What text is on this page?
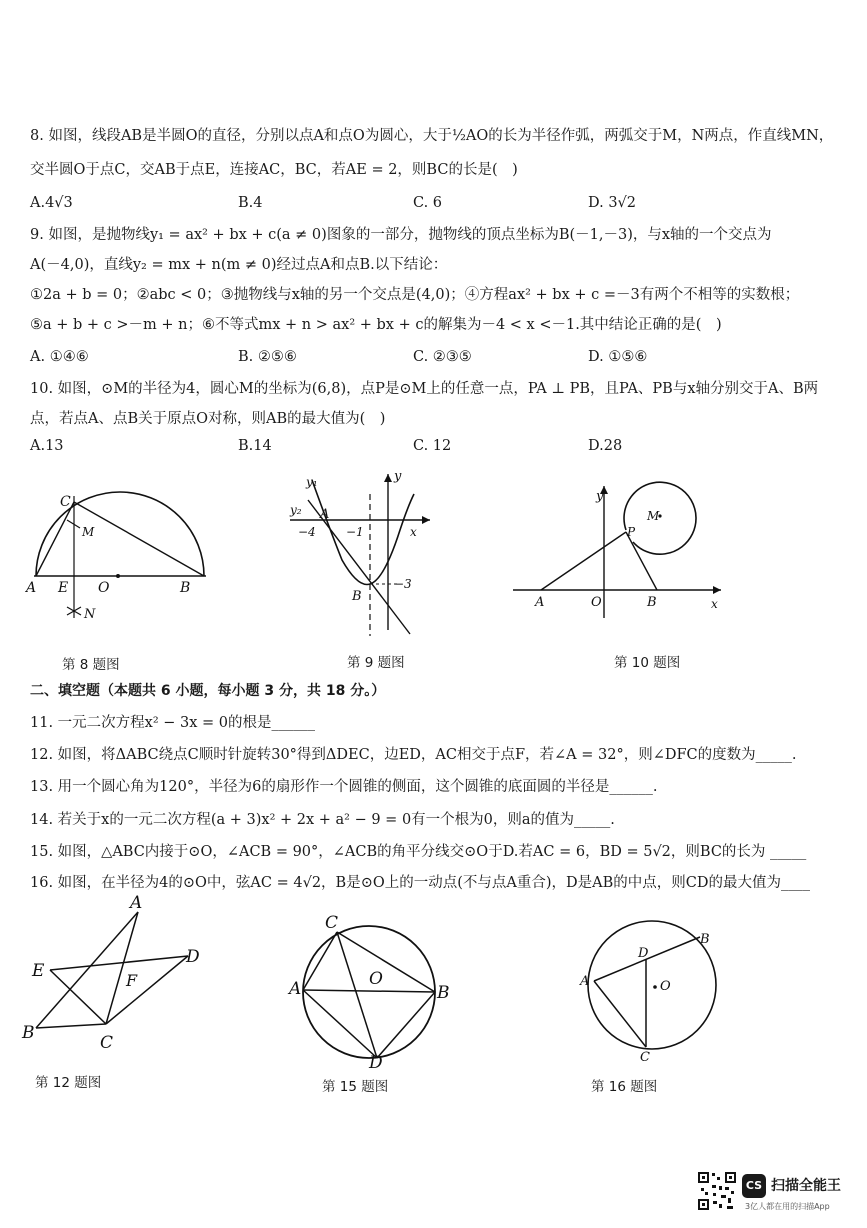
8. 如图，线段AB是半圆O的直径，分别以点A和点O为圆心，大于½AO的长为半径作弧，两弧交于M，N两点，作直线MN，
交半圆O于点C，交AB于点E，连接AC，BC，若AE = 2，则BC的长是(　)
A.4√3	B.4	C. 6	D. 3√2
9. 如图，是抛物线y₁ = ax² + bx + c(a ≠ 0)图象的一部分，抛物线的顶点坐标为B(－1,－3)，与x轴的一个交点为
A(－4,0)，直线y₂ = mx + n(m ≠ 0)经过点A和点B.以下结论：
①2a + b = 0；②abc < 0；③抛物线与x轴的另一个交点是(4,0)；④方程ax² + bx + c =－3有两个不相等的实数根；
⑤a + b + c >－m + n；⑥不等式mx + n > ax² + bx + c的解集为－4 < x <－1.其中结论正确的是(　)
A. ①④⑥	B. ②⑤⑥	C. ②③⑤	D. ①⑤⑥
10. 如图，⊙M的半径为4，圆心M的坐标为(6,8)，点P是⊙M上的任意一点，PA ⊥ PB，且PA、PB与x轴分别交于A、B两
点，若点A、点B关于原点O对称，则AB的最大值为(　)
A.13	B.14	C. 12	D.28
C
M
A E O	B
N
第 8 题图
y₁
y₂
y
A
x
−4	−1
B
−3
第 9 题图
y
M
P
A	O	B	x
第 10 题图
二、填空题（本题共 6 小题，每小题 3 分，共 18 分。）
11. 一元二次方程x² − 3x = 0的根是______
12. 如图，将ΔABC绕点C顺时针旋转30°得到ΔDEC，边ED，AC相交于点F，若∠A = 32°，则∠DFC的度数为_____.
13. 用一个圆心角为120°，半径为6的扇形作一个圆锥的侧面，这个圆锥的底面圆的半径是______.
14. 若关于x的一元二次方程(a + 3)x² + 2x + a² − 9 = 0有一个根为0，则a的值为_____.
15. 如图，△ABC内接于⊙O，∠ACB = 90°，∠ACB的角平分线交⊙O于D.若AC = 6，BD = 5√2，则BC的长为 _____
16. 如图，在半径为4的⊙O中，弦AC = 4√2，B是⊙O上的一动点(不与点A重合)，D是AB的中点，则CD的最大值为____
A
E
D
F
B	C
第 12 题图
C
A	O
B
D
第 15 题图
D
B
A	O
C
第 16 题图
CS 扫描全能王
3亿人都在用的扫描App
